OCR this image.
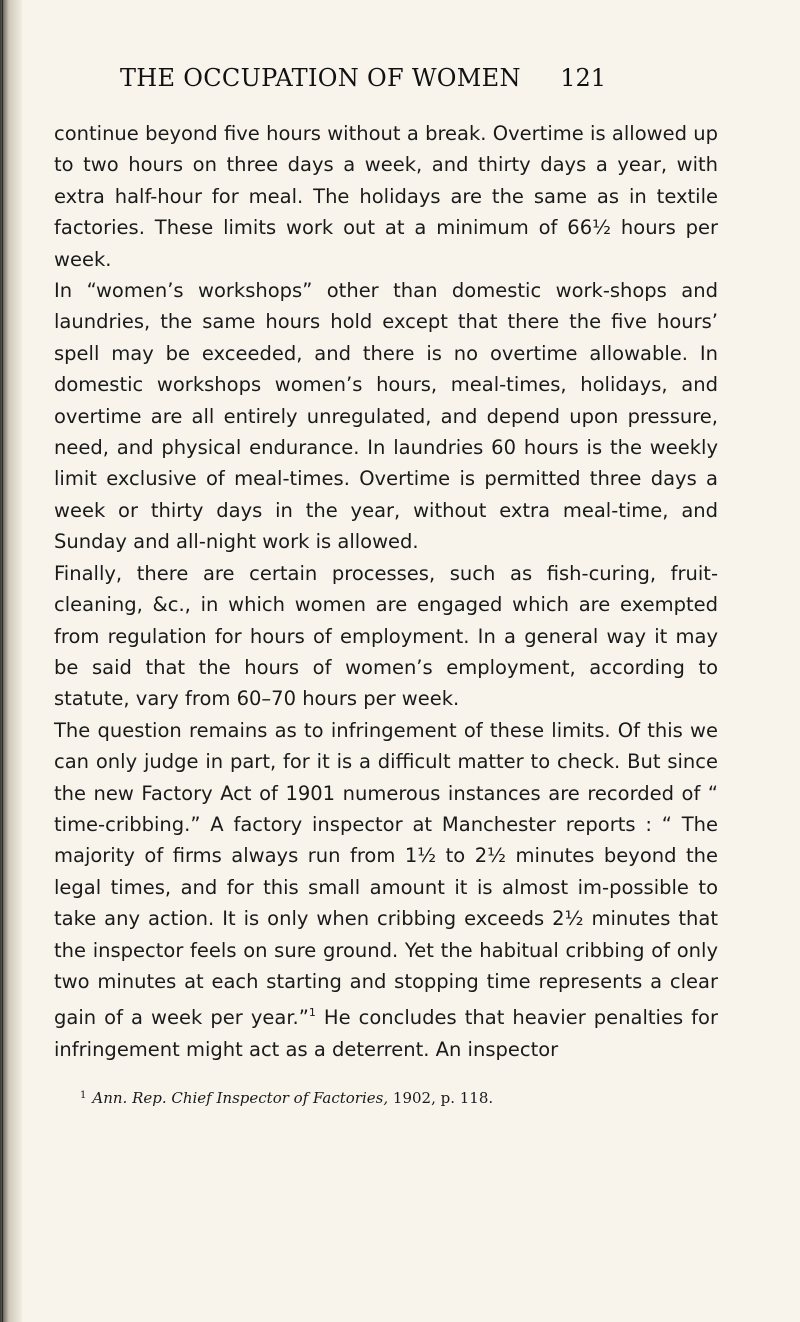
THE OCCUPATION OF WOMEN 121

continue beyond five hours without a break. Overtime is allowed up to two hours on three days a week, and thirty days a year, with extra half-hour for meal. The holidays are the same as in textile factories. These limits work out at a minimum of 66½ hours per week.

In “women’s workshops” other than domestic work-shops and laundries, the same hours hold except that there the five hours’ spell may be exceeded, and there is no overtime allowable. In domestic workshops women’s hours, meal-times, holidays, and overtime are all entirely unregulated, and depend upon pressure, need, and physical endurance. In laundries 60 hours is the weekly limit exclusive of meal-times. Overtime is permitted three days a week or thirty days in the year, without extra meal-time, and Sunday and all-night work is allowed.

Finally, there are certain processes, such as fish-curing, fruit-cleaning, &c., in which women are engaged which are exempted from regulation for hours of employment. In a general way it may be said that the hours of women’s employment, according to statute, vary from 60–70 hours per week.

The question remains as to infringement of these limits. Of this we can only judge in part, for it is a difficult matter to check. But since the new Factory Act of 1901 numerous instances are recorded of “ time-cribbing.” A factory inspector at Manchester reports : “ The majority of firms always run from 1½ to 2½ minutes beyond the legal times, and for this small amount it is almost im-possible to take any action. It is only when cribbing exceeds 2½ minutes that the inspector feels on sure ground. Yet the habitual cribbing of only two minutes at each starting and stopping time represents a clear gain of a week per year.”$^1$ He concludes that heavier penalties for infringement might act as a deterrent. An inspector

$^1$ Ann. Rep. Chief Inspector of Factories, 1902, p. 118.
